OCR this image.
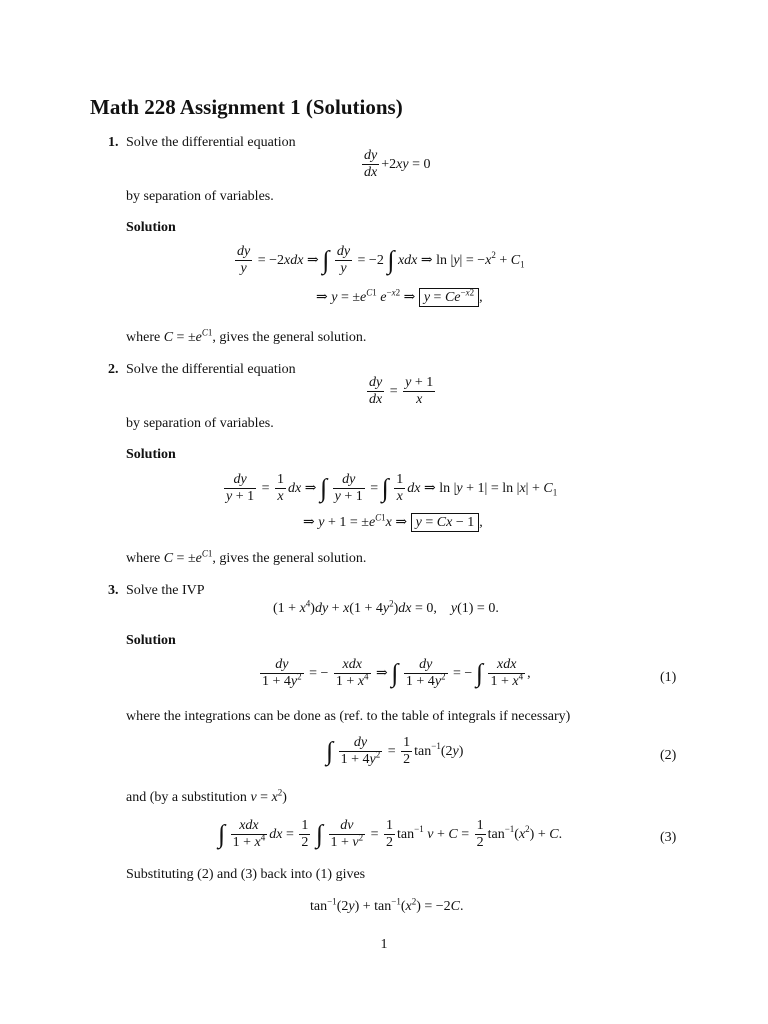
Math 228 Assignment 1 (Solutions)
1. Solve the differential equation
$\frac{dy}{dx} +2xy = 0$
by separation of variables.
Solution
$\frac{dy}{y} = -2xdx$ ⇒ ∫ $\frac{dy}{y} = -2$ ∫ xdx ⇒ $\ln |y| = -x^2 + C_1$
⇒ $y = \pm e^{C1}$ $e^{-x2}$ ⇒ $y = Ce^{-x2}$ ,
where $C = \pm e^{C1}$, gives the general solution.
2. Solve the differential equation
$\frac{dy}{dx} = \frac{y + 1}{x}$
by separation of variables.
Solution
$\frac{dy}{y + 1} = \frac{1}{x}$ dx ⇒ ∫ $\frac{dy}{y + 1}$ = ∫ $\frac{1}{x}$ dx ⇒ $\ln |y + 1| = \ln |x| + C_1$
⇒ $y + 1 = \pm e^{C1}x$ ⇒ y = Cx − 1 ,
where $C = \pm e^{C1}$, gives the general solution.
3. Solve the IVP
$(1 + x^4)dy + x(1 + 4y^2)dx = 0$,    y(1) = 0.
Solution
$\frac{dy}{1 + 4y^2}$ = − $\frac{\text{xdx}}{1 + x^4}$ ⇒ ∫ $\frac{dy}{1 + 4y^2}$ = − ∫ $\frac{\text{xdx}}{1 + x^4}$ ,	(1)
where the integrations can be done as (ref. to the table of integrals if necessary)
∫ $\frac{dy}{1 + 4y^2} = \frac{1}{2} \tan^{-1}(2y)$	(2)
and (by a substitution $v = x^2$)
∫ $\frac{\text{xdx}}{1 + x^4}$ dx = $\frac{1}{2}$ ∫ $\frac{dv}{1 + v^2} = \frac{1}{2} \tan^{-1} v + C = \frac{1}{2} \tan^{-1}(x^2) + C$.	(3)
Substituting (2) and (3) back into (1) gives
$\tan^{-1}(2y) + \tan^{-1}(x^2) = -2C$.
1
